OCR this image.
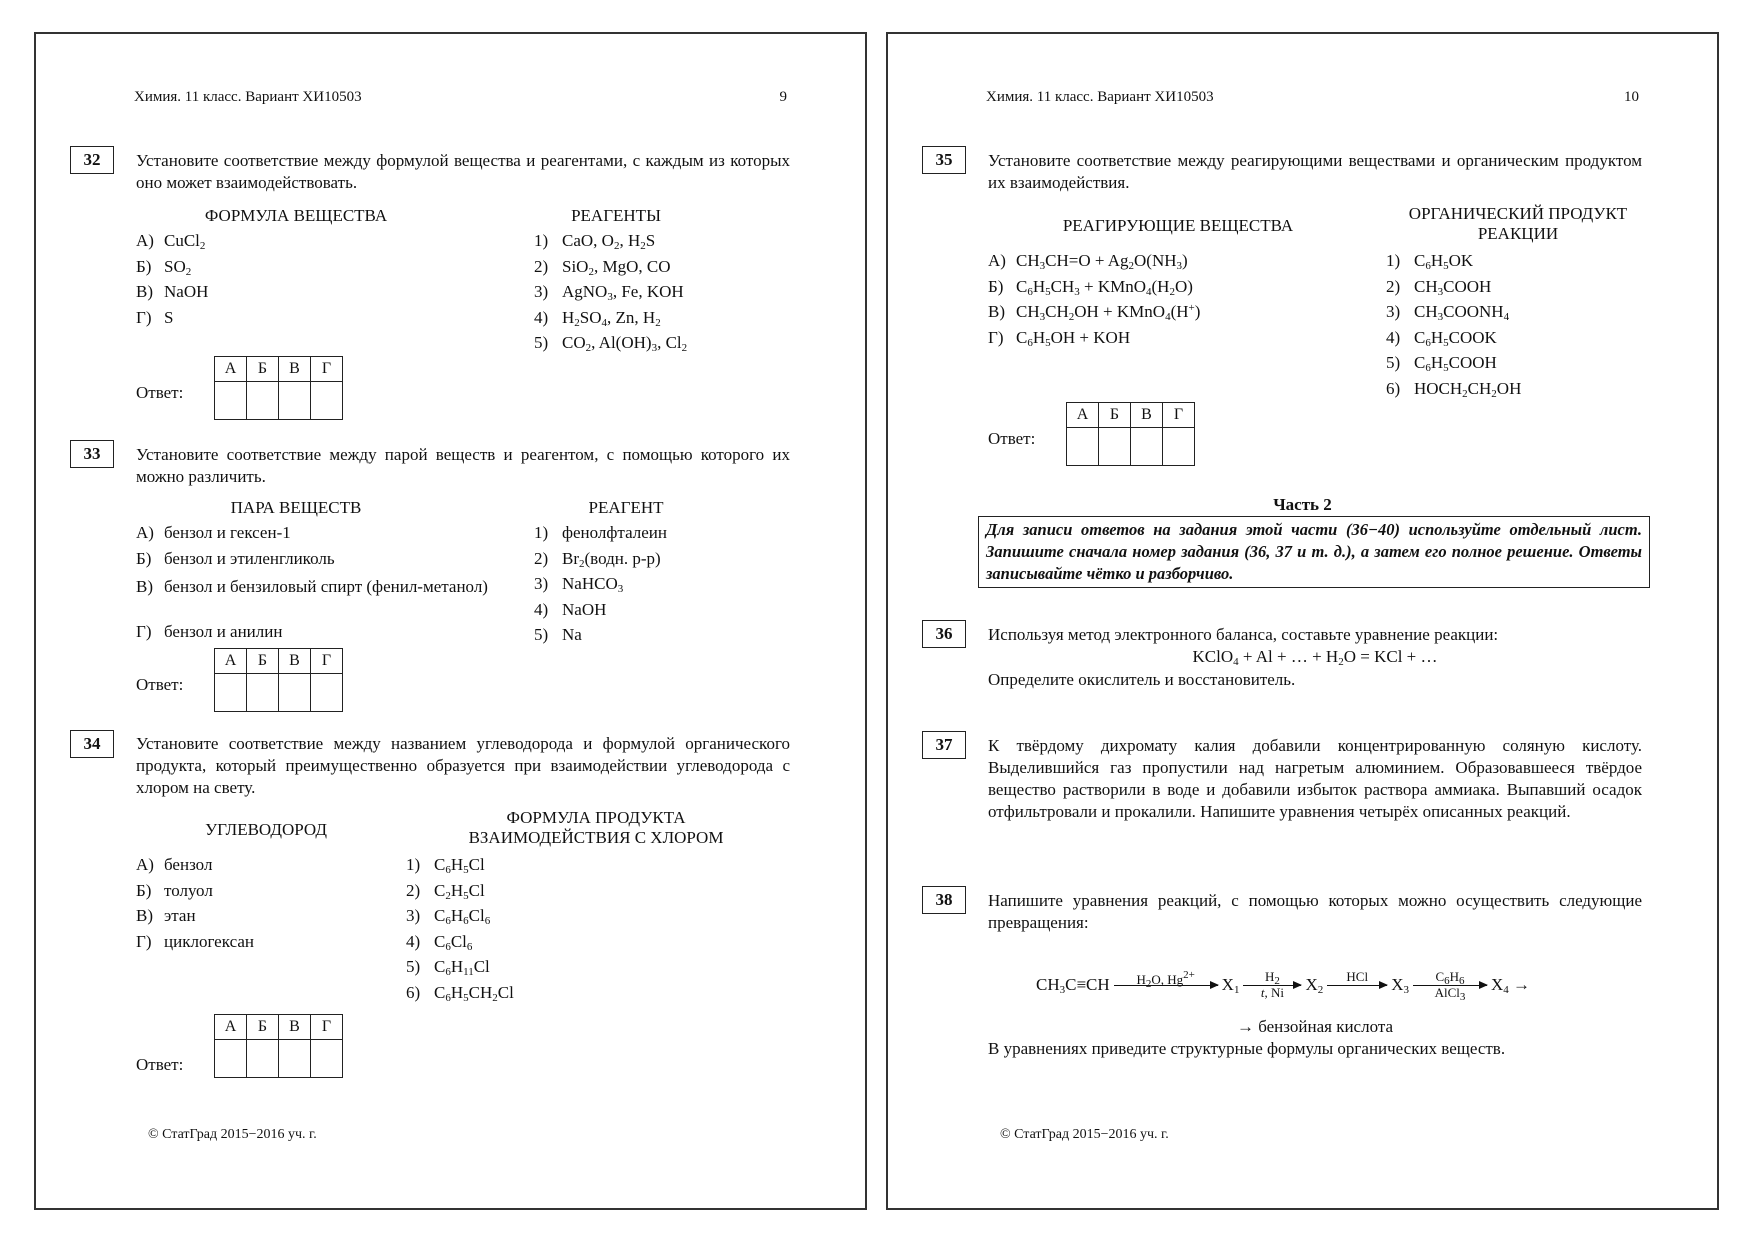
Химия. 11 класс. Вариант ХИ10503	9
32	Установите соответствие между формулой вещества и реагентами, с каждым из которых оно может взаимодействовать.
ФОРМУЛА ВЕЩЕСТВА	РЕАГЕНТЫ
А) CuCl$_2$
Б) $SO_2$
В) NaOH
Г) S
1) CaO, $O_2$, $H_2S$
2) SiO$_2$, MgO, CO
3) AgNO$_3$, Fe, KOH
4) $H_2SO_4$, Zn, $H_2$
5) $CO_2$, $Al(OH)_3$, $Cl_2$
Ответ:
А	Б	В	Г

33	Установите соответствие между парой веществ и реагентом, с помощью которого их можно различить.
ПАРА ВЕЩЕСТВ	РЕАГЕНТ
А) бензол и гексен-1
Б) бензол и этиленгликоль
В) бензол и бензиловый спирт (фенил-метанол)
Г) бензол и анилин
1) фенолфталеин
2) $Br_2(водн$. р-р)
3) NaHCO$_3$
4) NaOH
5) Na
Ответ:
А	Б	В	Г

34	Установите соответствие между названием углеводорода и формулой органического продукта, который преимущественно образуется при взаимодействии углеводорода с хлором на свету.
УГЛЕВОДОРОД
ФОРМУЛА ПРОДУКТА
ВЗАИМОДЕЙСТВИЯ С ХЛОРОМ
А) бензол
Б) толуол
В) этан
Г) циклогексан
1) $C_6H_5Cl$
2) $C_2H_5Cl$
3) $C_6H_6Cl_6$
4) $C_6Cl_6$
5) $C_6H_{11}Cl$
6) $C_6H_5CH_2Cl$
Ответ:
А	Б	В	Г

© СтатГрад 2015−2016 уч. г.
Химия. 11 класс. Вариант ХИ10503	10
35	Установите соответствие между реагирующими веществами и органическим продуктом их взаимодействия.
РЕАГИРУЮЩИЕ ВЕЩЕСТВА
ОРГАНИЧЕСКИЙ ПРОДУКТ
РЕАКЦИИ
А) $CH_3CH=O + Ag_2O(NH_3)$
Б) $C_6H_5CH_3$ + $KMnO_4(H_2O)$
В) $CH_3CH_2OH$ + KMnO$_4$(H+)
Г) $C_6H_5OH$ + KOH
1) $C_6H_5OK$
2) $CH_3COOH$
3) $CH_3COONH_4$
4) $C_6H_5COOK$
5) $C_6H_5COOH$
6) $HOCH_2CH_2OH$
Ответ:
А	Б	В	Г

Часть 2
Для записи ответов на задания этой части (36−40) используйте отдельный лист. Запишите сначала номер задания (36, 37 и т. д.), а затем его полное решение. Ответы записывайте чётко и разборчиво.
36	Используя метод электронного баланса, составьте уравнение реакции:
KClO$_4$ + Al + … + $H_2O$ = KCl + …
Определите окислитель и восстановитель.
37	К твёрдому дихромату калия добавили концентрированную соляную кислоту. Выделившийся газ пропустили над нагретым алюминием. Образовавшееся твёрдое вещество растворили в воде и добавили избыток раствора аммиака. Выпавший осадок отфильтровали и прокалили. Напишите уравнения четырёх описанных реакций.
38	Напишите уравнения реакций, с помощью которых можно осуществить следующие превращения:
$CH_3C\equiv CH$	$H_2O$, $Hg^{2+}$	$X_1$
$H_2$
t, Ni	$X_2$
HCl	$X_3$
$C_6H_6$
AlCl$_3$
$X_4$ →
→ бензойная кислота
В уравнениях приведите структурные формулы органических веществ.
© СтатГрад 2015−2016 уч. г.
